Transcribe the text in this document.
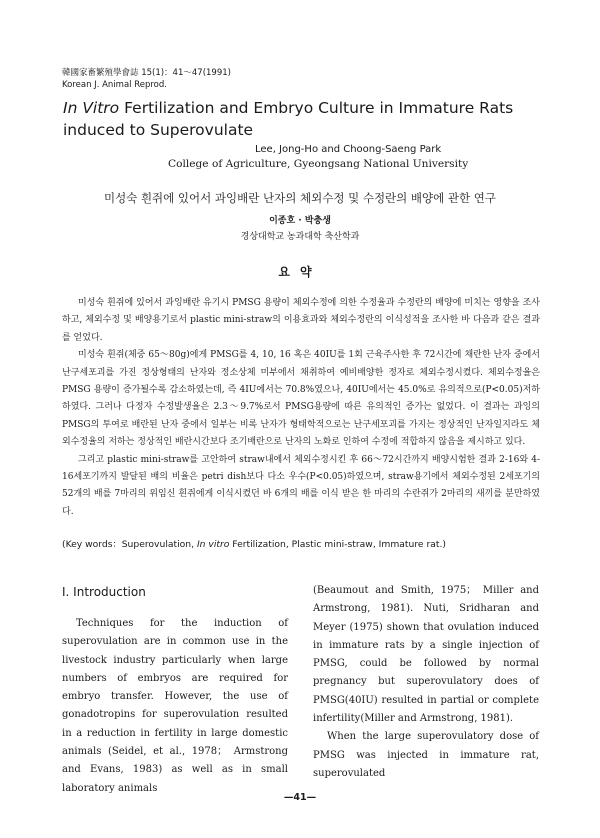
韓國家畜繁殖學會誌 15(1)：41～47(1991)
Korean J. Animal Reprod.
In Vitro Fertilization and Embryo Culture in Immature Rats
induced to Superovulate
Lee, Jong-Ho and Choong-Saeng Park
College of Agriculture, Gyeongsang National University
미성숙 흰쥐에 있어서 과잉배란 난자의 체외수정 및 수정란의 배양에 관한 연구
이종호 · 박충생
경상대학교 농과대학 축산학과
요약

미성숙 흰쥐에 있어서 과잉배란 유기시 PMSG 용량이 체외수정에 의한 수정율과 수정란의 배양에 미치는 영향을 조사하고, 체외수정 및 배양용기로서 plastic mini-straw의 이용효과와 체외수정란의 이식성적을 조사한 바 다음과 같은 결과를 얻었다.

미성숙 흰쥐(체중 65～80g)에게 PMSG를 4, 10, 16 혹은 40IU를 1회 근육주사한 후 72시간에 채란한 난자 중에서 난구세포괴를 가진 정상형태의 난자와 정소상체 미부에서 채취하여 예비배양한 정자로 체외수정시켰다. 체외수정율은 PMSG 용량이 증가될수록 감소하였는데, 즉 4IU에서는 70.8%였으나, 40IU에서는 45.0%로 유의적으로(P<0.05)저하하였다. 그러나 다정자 수정발생율은 2.3～9.7%로서 PMSG용량에 따른 유의적인 증가는 없었다. 이 결과는 과잉의 PMSG의 투여로 배란된 난자 중에서 일부는 비록 난자가 형태학적으로는 난구세포괴를 가지는 정상적인 난자일지라도 체외수정율의 저하는 정상적인 배란시간보다 조기배란으로 난자의 노화로 인하여 수정에 적합하지 않음을 제시하고 있다.

그리고 plastic mini-straw를 고안하여 straw내에서 체외수정시킨 후 66～72시간까지 배양시험한 결과 2-16와 4-16세포기까지 발달된 배의 비율은 petri dish보다 다소 우수(P<0.05)하였으며, straw용기에서 체외수정된 2세포기의 52개의 배를 7마리의 위임신 흰쥐에게 이식시켰던 바 6개의 배를 이식 받은 한 마리의 수란쥐가 2마리의 새끼를 분만하였다.

(Key words：Superovulation, In vitro Fertilization, Plastic mini-straw, Immature rat.)
Ⅰ. Introduction

Techniques for the induction of superovulation are in common use in the livestock industry particularly when large numbers of embryos are required for embryo transfer. However, the use of gonadotropins for superovulation resulted in a reduction in fertility in large domestic animals (Seidel, et al., 1978； Armstrong and Evans, 1983) as well as in small laboratory animals

(Beaumout and Smith, 1975； Miller and Armstrong, 1981). Nuti, Sridharan and Meyer (1975) shown that ovulation induced in immature rats by a single injection of PMSG, could be followed by normal pregnancy but superovulatory does of PMSG(40IU) resulted in partial or complete infertility(Miller and Armstrong, 1981).

When the large superovulatory dose of PMSG was injected in immature rat, superovulated

—41—
